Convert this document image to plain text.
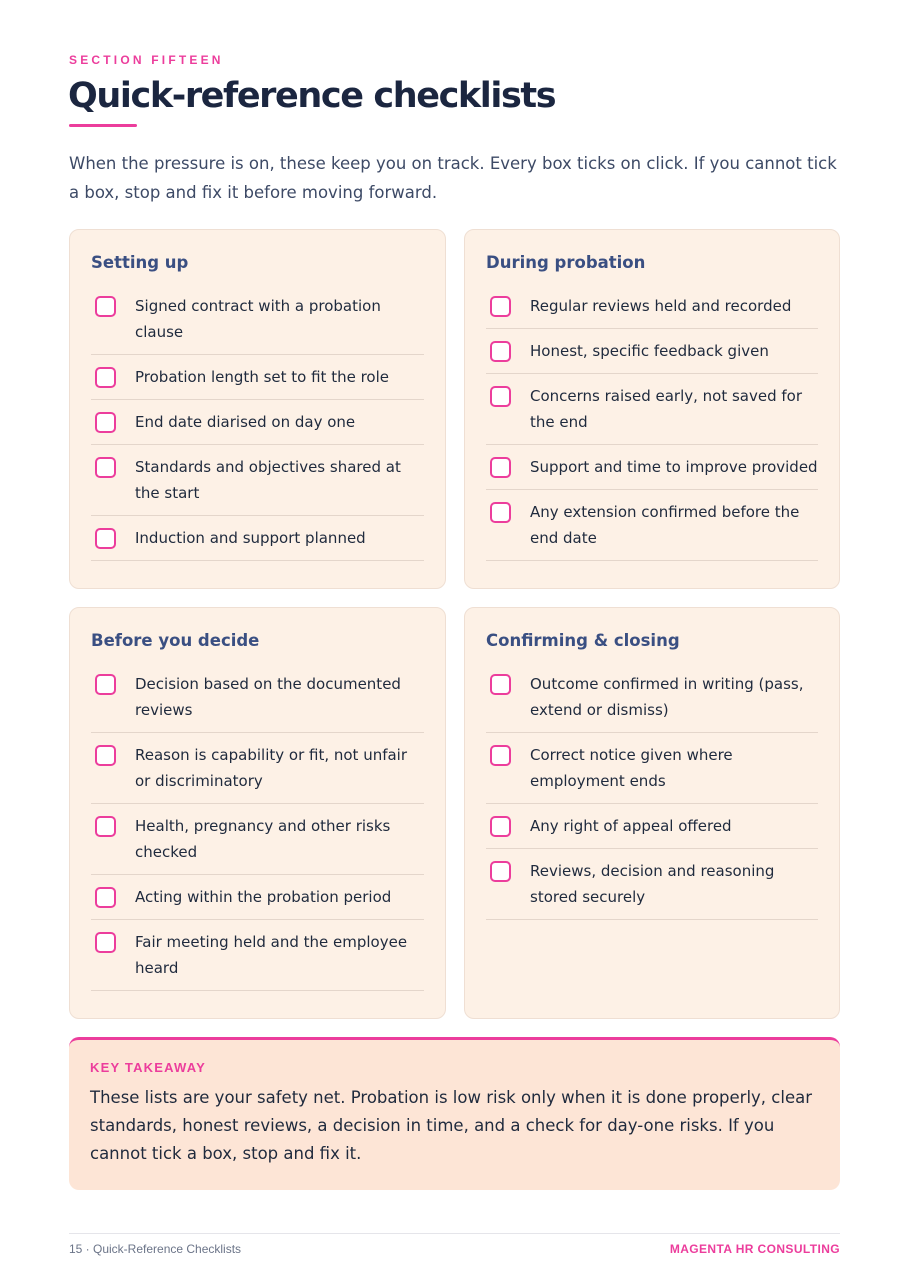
SECTION FIFTEEN
Quick-reference checklists

When the pressure is on, these keep you on track. Every box ticks on click. If you cannot tick a box, stop and fix it before moving forward.

Setting up
Signed contract with a probation clause
Probation length set to fit the role
End date diarised on day one
Standards and objectives shared at the start
Induction and support planned
During probation
Regular reviews held and recorded
Honest, specific feedback given
Concerns raised early, not saved for the end
Support and time to improve provided
Any extension confirmed before the end date
Before you decide
Decision based on the documented reviews
Reason is capability or fit, not unfair or discriminatory
Health, pregnancy and other risks checked
Acting within the probation period
Fair meeting held and the employee heard
Confirming & closing
Outcome confirmed in writing (pass, extend or dismiss)
Correct notice given where employment ends
Any right of appeal offered
Reviews, decision and reasoning stored securely
KEY TAKEAWAY

These lists are your safety net. Probation is low risk only when it is done properly, clear standards, honest reviews, a decision in time, and a check for day-one risks. If you cannot tick a box, stop and fix it.

15 · Quick-Reference Checklists	MAGENTA HR CONSULTING
